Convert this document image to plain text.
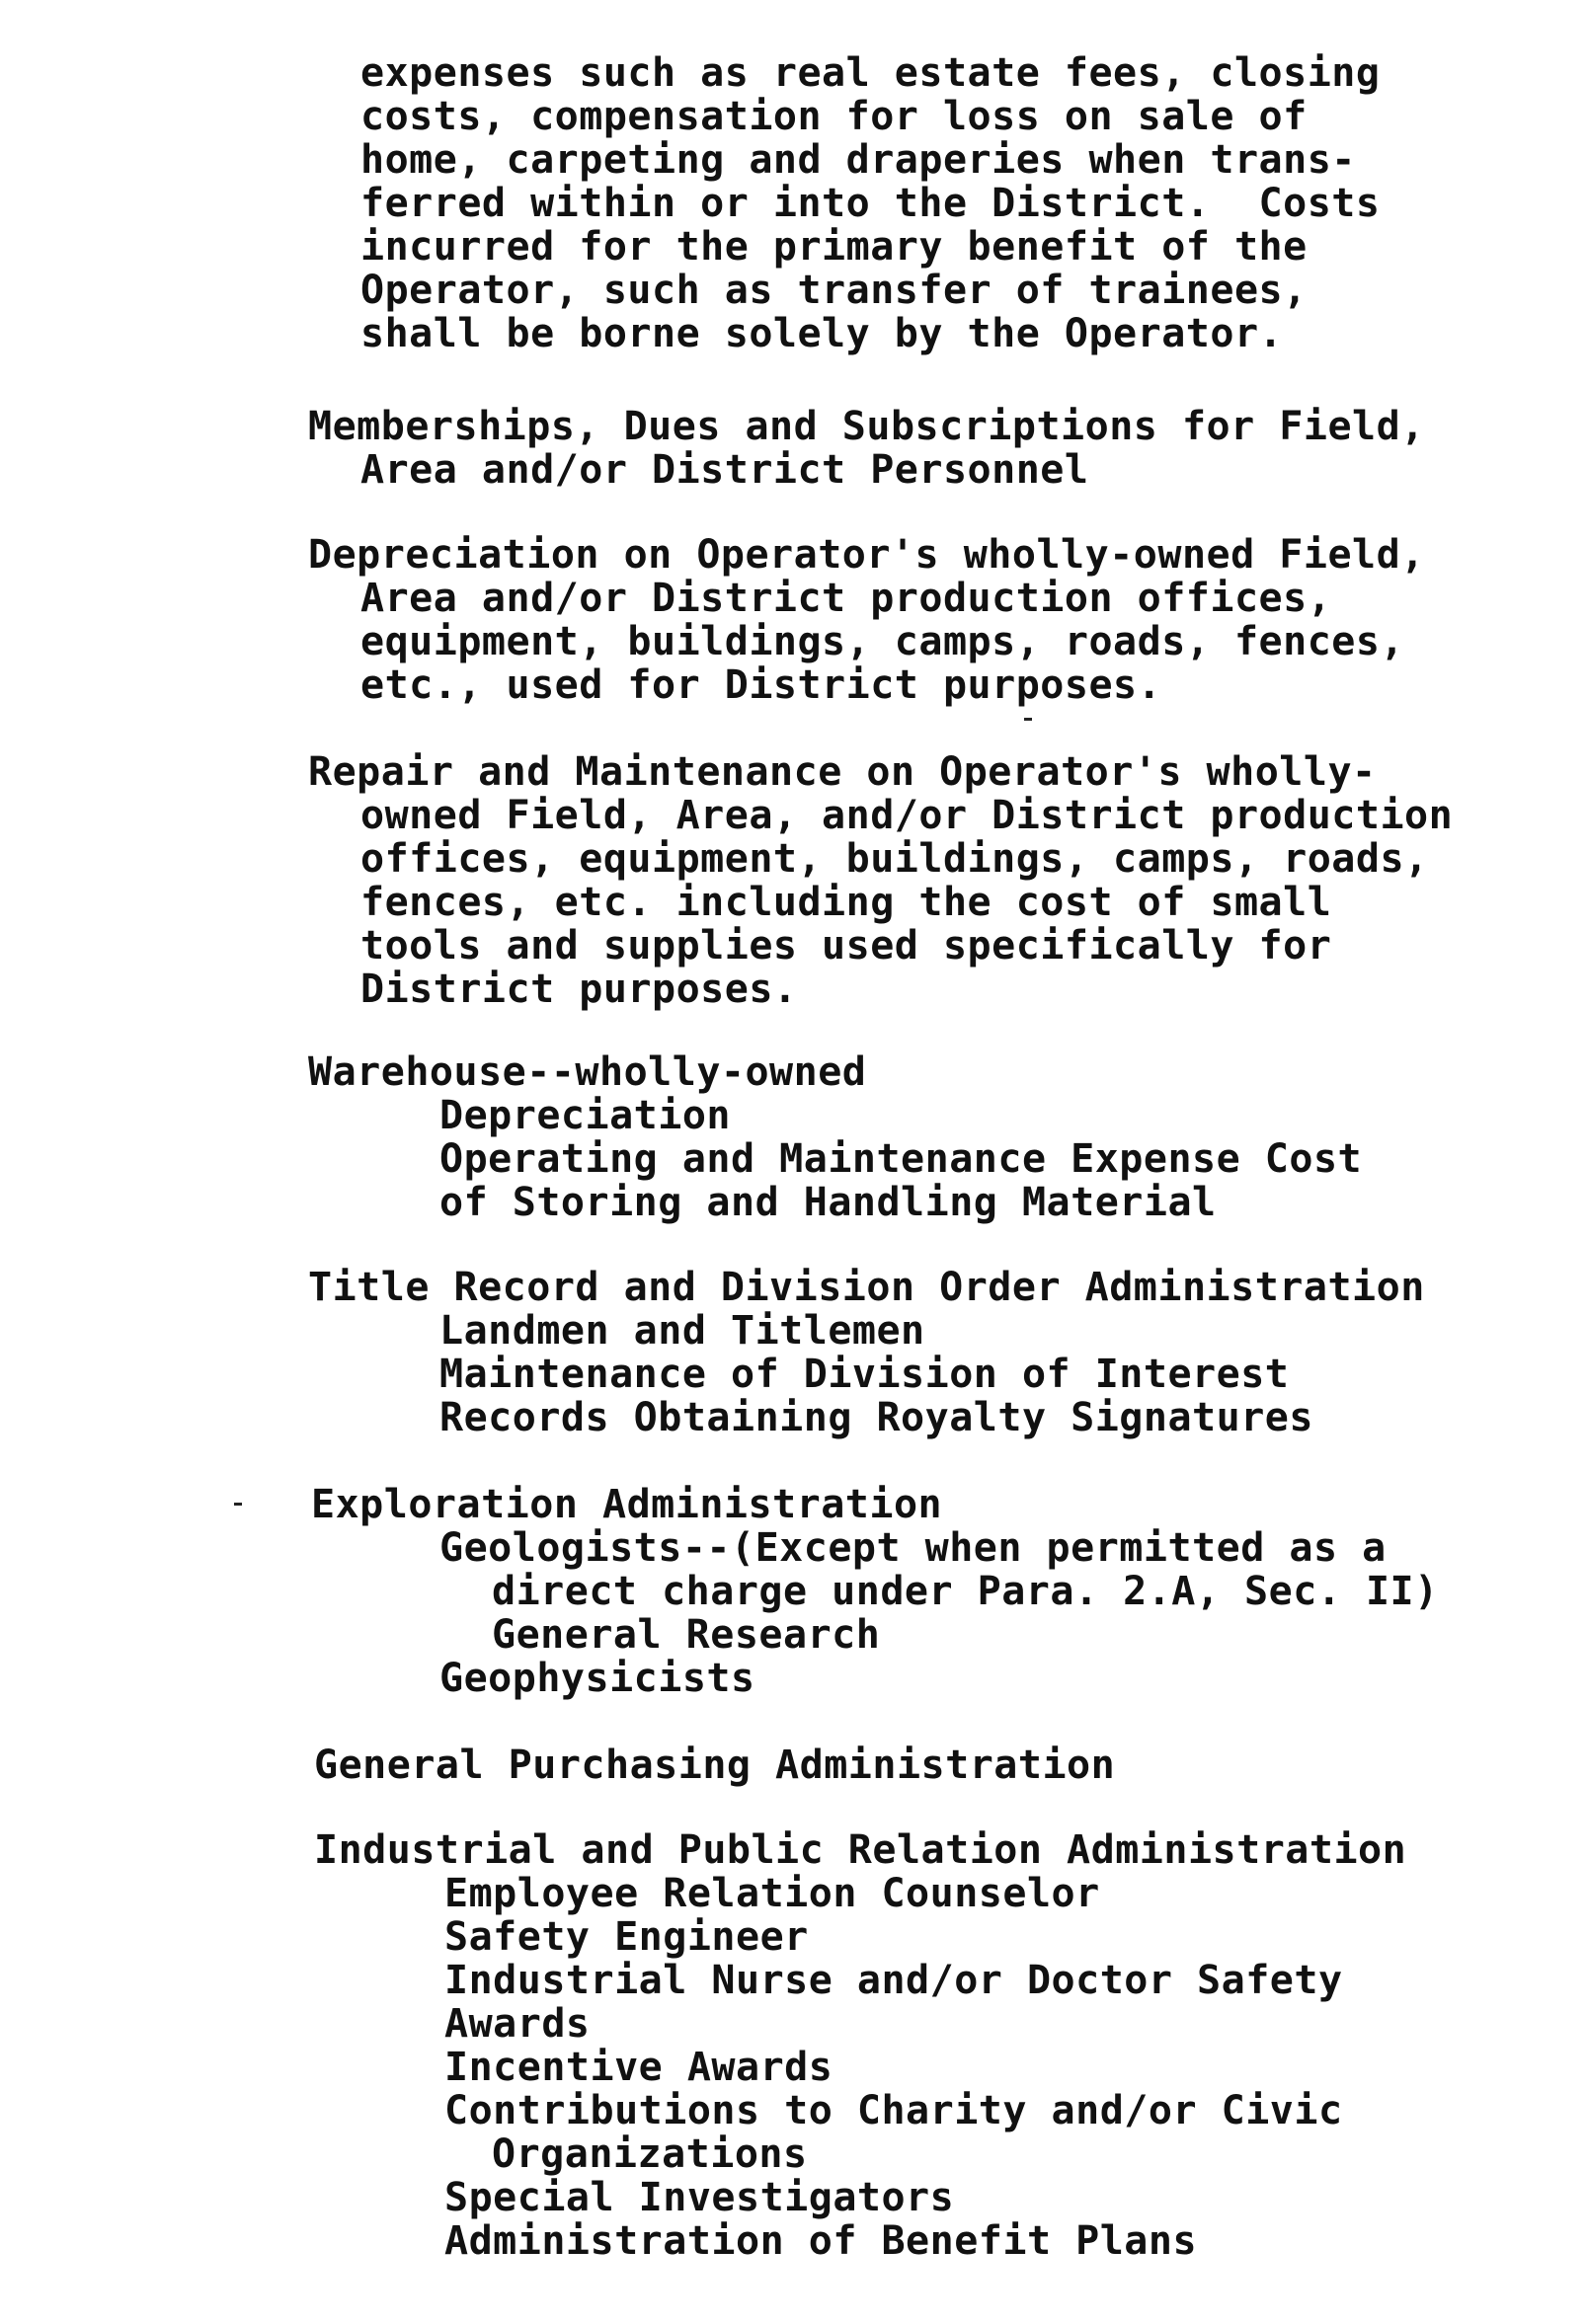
expenses such as real estate fees, closing
costs, compensation for loss on sale of
home, carpeting and draperies when trans-
ferred within or into the District.  Costs
incurred for the primary benefit of the
Operator, such as transfer of trainees,
shall be borne solely by the Operator.
Memberships, Dues and Subscriptions for Field,
Area and/or District Personnel
Depreciation on Operator's wholly-owned Field,
Area and/or District production offices,
equipment, buildings, camps, roads, fences,
etc., used for District purposes.
Repair and Maintenance on Operator's wholly-
owned Field, Area, and/or District production
offices, equipment, buildings, camps, roads,
fences, etc. including the cost of small
tools and supplies used specifically for
District purposes.
Warehouse--wholly-owned
Depreciation
Operating and Maintenance Expense Cost
of Storing and Handling Material
Title Record and Division Order Administration
Landmen and Titlemen
Maintenance of Division of Interest
Records Obtaining Royalty Signatures
Exploration Administration
Geologists--(Except when permitted as a
direct charge under Para. 2.A, Sec. II)
General Research
Geophysicists
General Purchasing Administration
Industrial and Public Relation Administration
Employee Relation Counselor
Safety Engineer
Industrial Nurse and/or Doctor Safety
Awards
Incentive Awards
Contributions to Charity and/or Civic
Organizations
Special Investigators
Administration of Benefit Plans
